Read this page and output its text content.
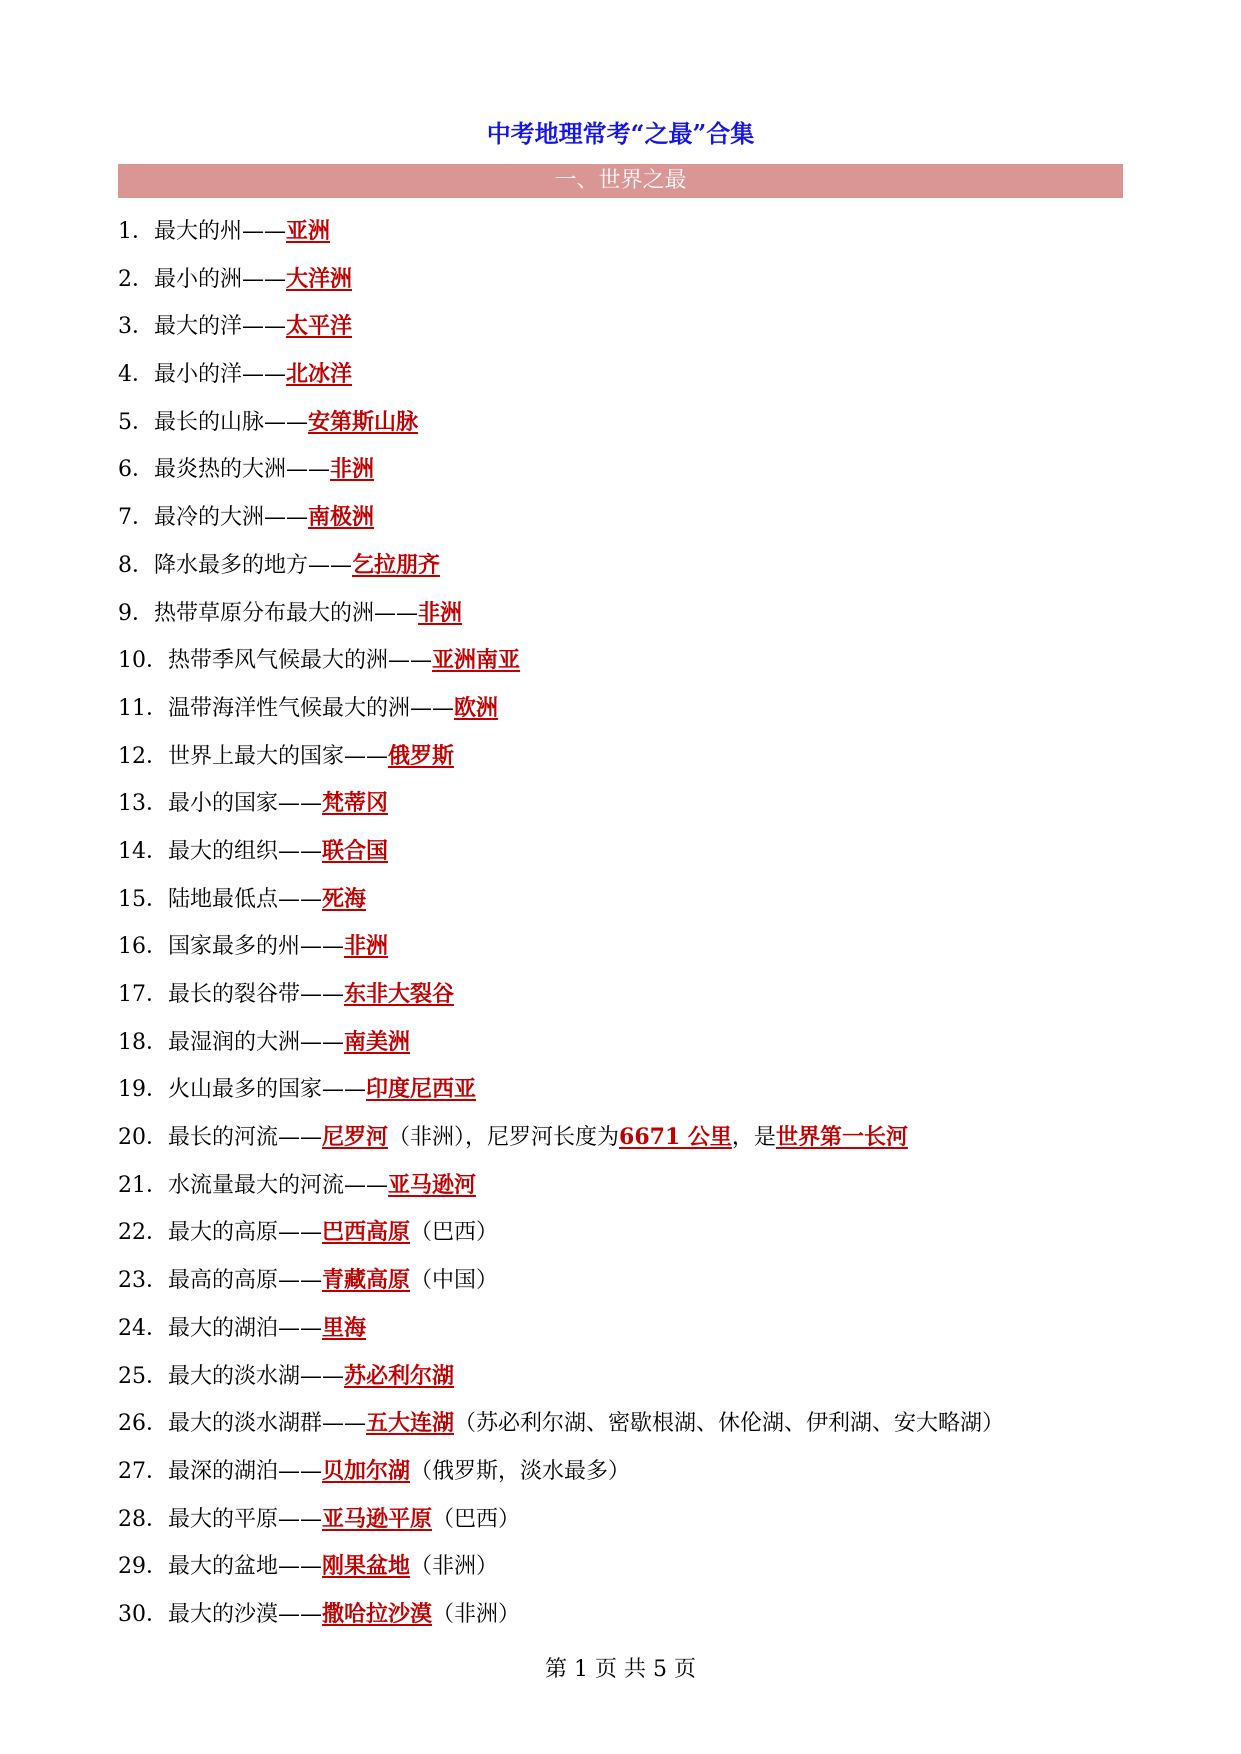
中考地理常考“之最”合集
一、世界之最
1．最大的州——亚洲
2．最小的洲——大洋洲
3．最大的洋——太平洋
4．最小的洋——北冰洋
5．最长的山脉——安第斯山脉
6．最炎热的大洲——非洲
7．最冷的大洲——南极洲
8．降水最多的地方——乞拉朋齐
9．热带草原分布最大的洲——非洲
10．热带季风气候最大的洲——亚洲南亚
11．温带海洋性气候最大的洲——欧洲
12．世界上最大的国家——俄罗斯
13．最小的国家——梵蒂冈
14．最大的组织——联合国
15．陆地最低点——死海
16．国家最多的州——非洲
17．最长的裂谷带——东非大裂谷
18．最湿润的大洲——南美洲
19．火山最多的国家——印度尼西亚
20．最长的河流——尼罗河（非洲），尼罗河长度为6671 公里，是世界第一长河
21．水流量最大的河流——亚马逊河
22．最大的高原——巴西高原（巴西）
23．最高的高原——青藏高原（中国）
24．最大的湖泊——里海
25．最大的淡水湖——苏必利尔湖
26．最大的淡水湖群——五大连湖（苏必利尔湖、密歇根湖、休伦湖、伊利湖、安大略湖）
27．最深的湖泊——贝加尔湖（俄罗斯，淡水最多）
28．最大的平原——亚马逊平原（巴西）
29．最大的盆地——刚果盆地（非洲）
30．最大的沙漠——撒哈拉沙漠（非洲）
第 1 页 共 5 页
